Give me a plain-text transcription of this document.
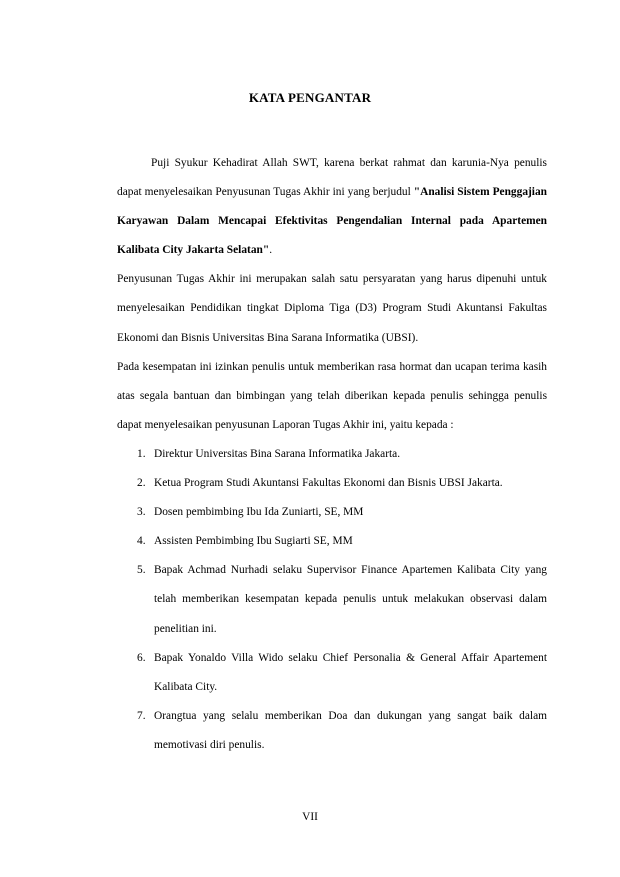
KATA PENGANTAR

Puji Syukur Kehadirat Allah SWT, karena berkat rahmat dan karunia-Nya penulis dapat menyelesaikan Penyusunan Tugas Akhir ini yang berjudul "Analisi Sistem Penggajian Karyawan Dalam Mencapai Efektivitas Pengendalian Internal pada Apartemen Kalibata City Jakarta Selatan".

Penyusunan Tugas Akhir ini merupakan salah satu persyaratan yang harus dipenuhi untuk menyelesaikan Pendidikan tingkat Diploma Tiga (D3) Program Studi Akuntansi Fakultas Ekonomi dan Bisnis Universitas Bina Sarana Informatika (UBSI).

Pada kesempatan ini izinkan penulis untuk memberikan rasa hormat dan ucapan terima kasih atas segala bantuan dan bimbingan yang telah diberikan kepada penulis sehingga penulis dapat menyelesaikan penyusunan Laporan Tugas Akhir ini, yaitu kepada :

1. Direktur Universitas Bina Sarana Informatika Jakarta.
2. Ketua Program Studi Akuntansi Fakultas Ekonomi dan Bisnis UBSI Jakarta.
3. Dosen pembimbing Ibu Ida Zuniarti, SE, MM
4. Assisten Pembimbing Ibu Sugiarti SE, MM
5. Bapak Achmad Nurhadi selaku Supervisor Finance Apartemen Kalibata City yang telah memberikan kesempatan kepada penulis untuk melakukan observasi dalam penelitian ini.
6. Bapak Yonaldo Villa Wido selaku Chief Personalia & General Affair Apartement Kalibata City.
7. Orangtua yang selalu memberikan Doa dan dukungan yang sangat baik dalam memotivasi diri penulis.
VII
